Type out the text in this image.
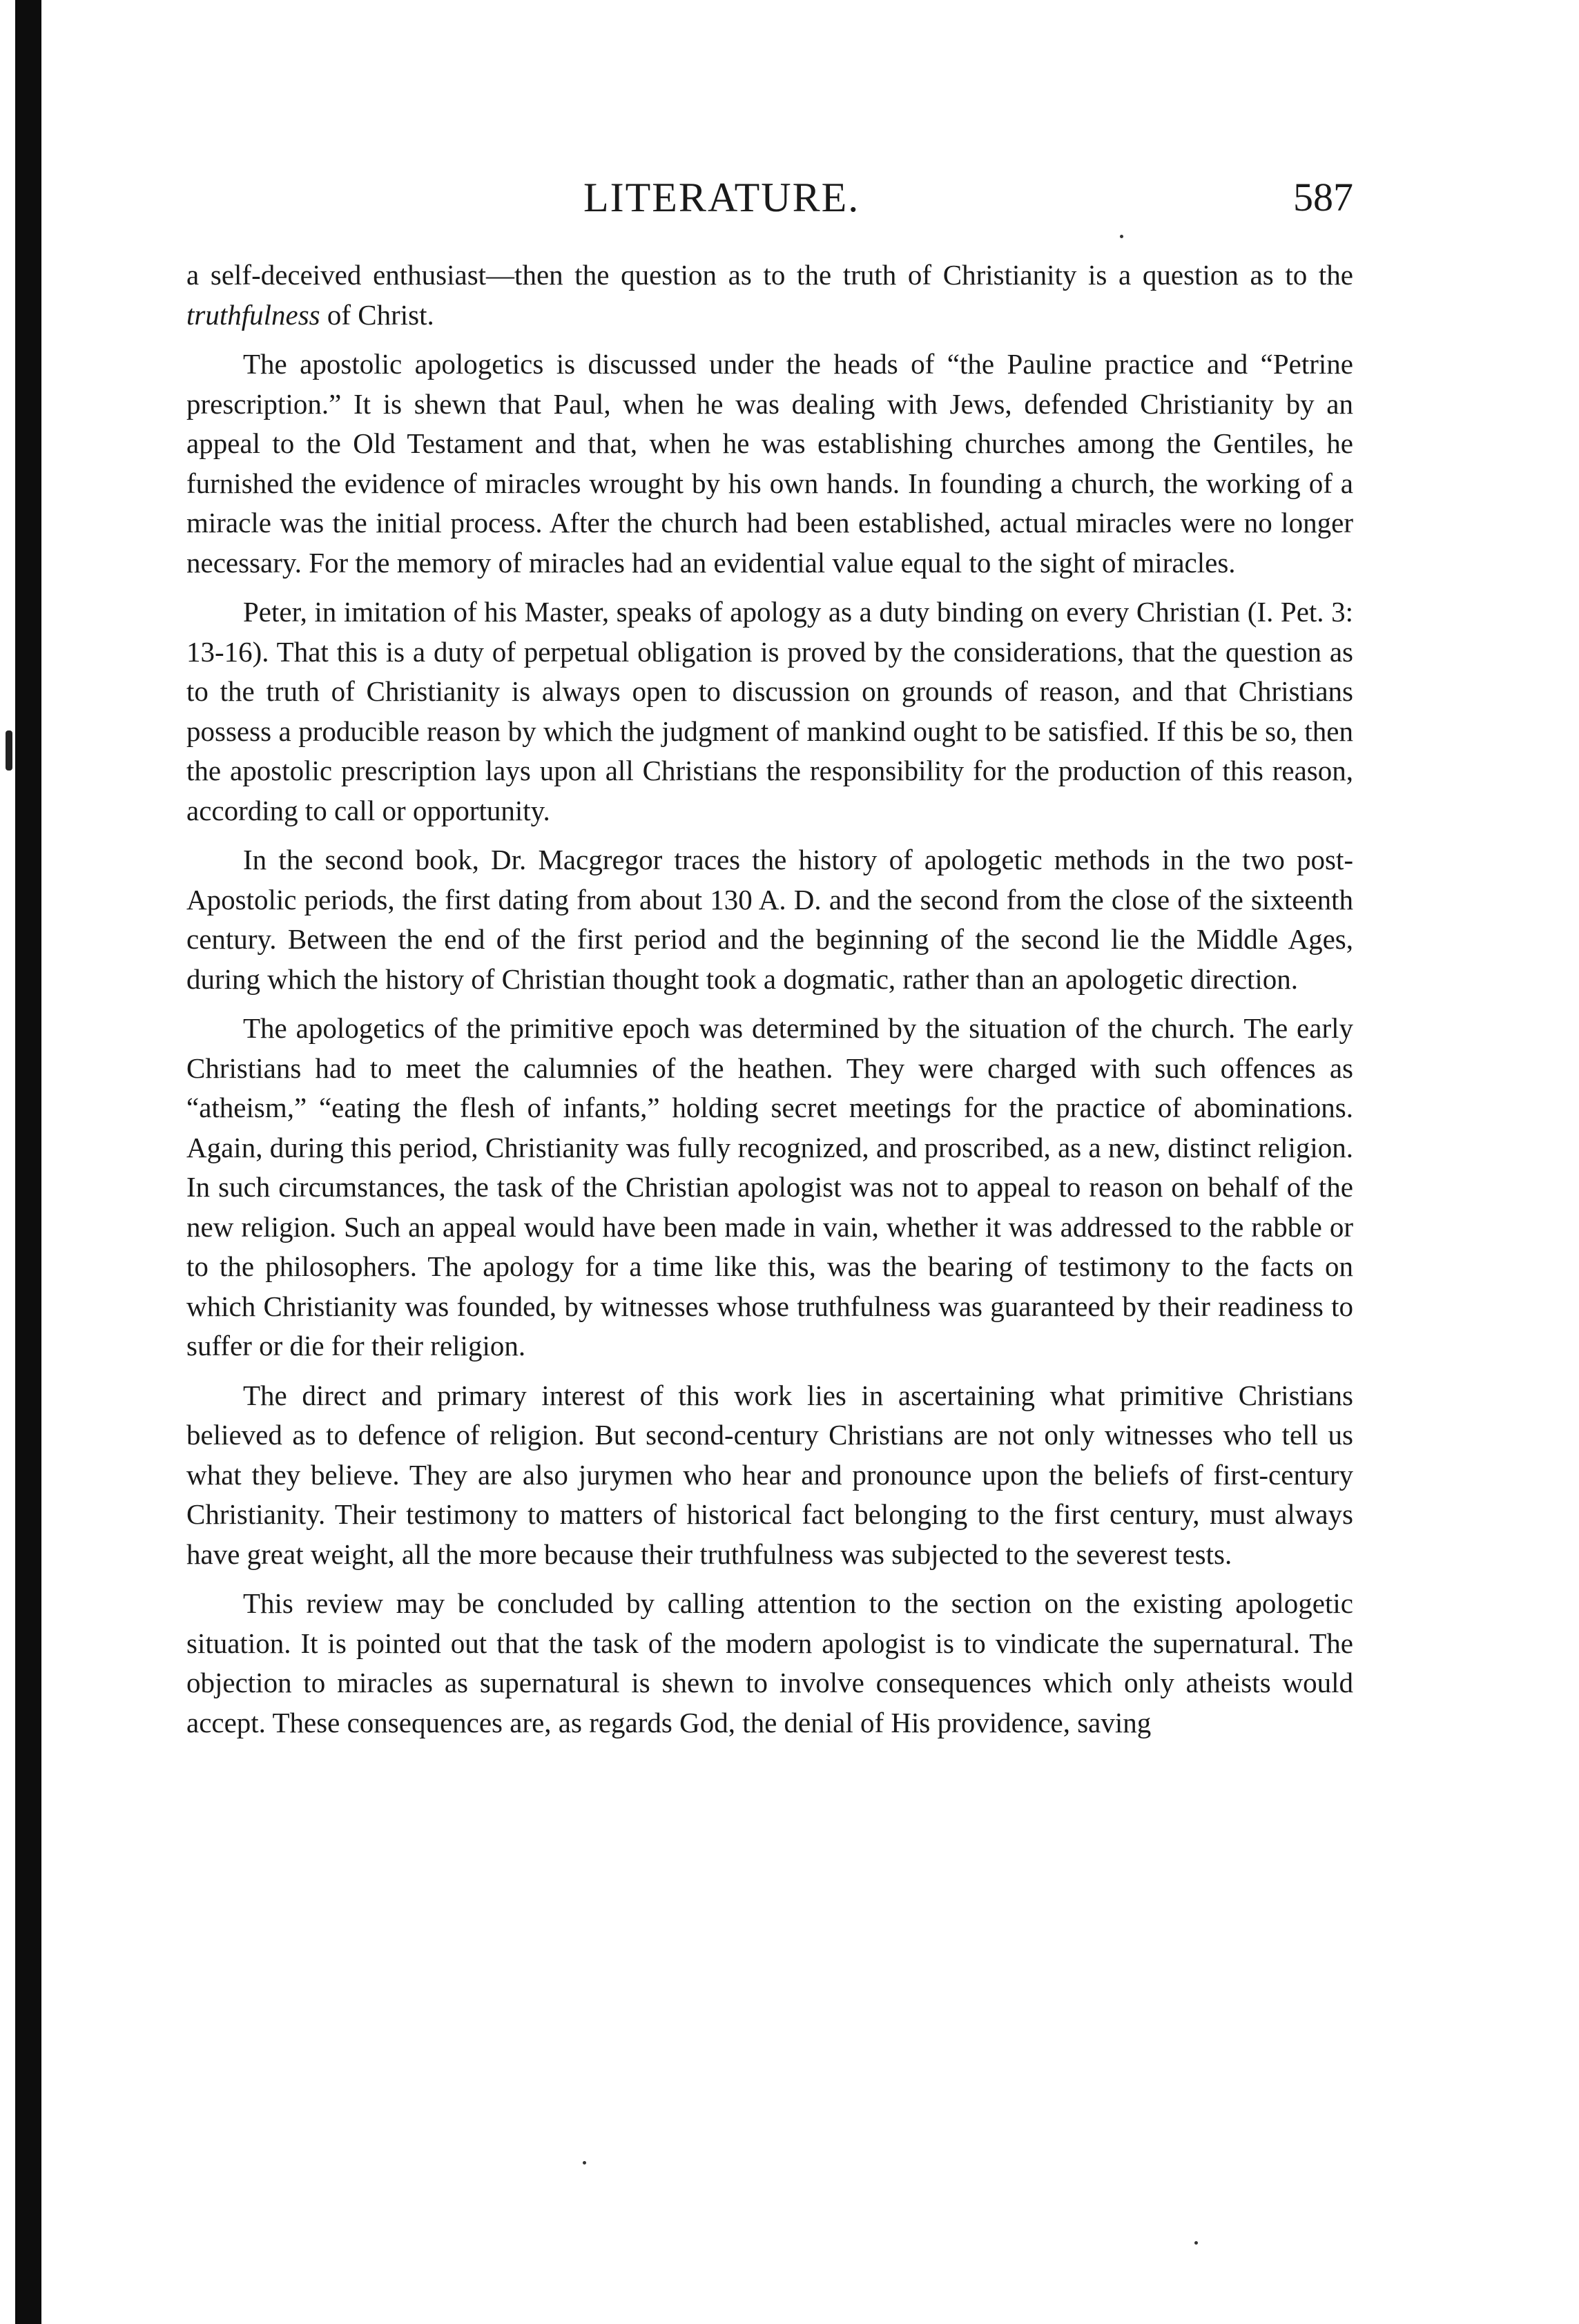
LITERATURE.	587

a self-deceived enthusiast—then the question as to the truth of Christianity is a question as to the truthfulness of Christ.

The apostolic apologetics is discussed under the heads of “the Pauline practice and “Petrine prescription.” It is shewn that Paul, when he was dealing with Jews, defended Christianity by an appeal to the Old Testament and that, when he was establishing churches among the Gentiles, he furnished the evidence of miracles wrought by his own hands. In founding a church, the working of a miracle was the initial process. After the church had been established, actual miracles were no longer necessary. For the memory of miracles had an evidential value equal to the sight of miracles.

Peter, in imitation of his Master, speaks of apology as a duty binding on every Christian (I. Pet. 3: 13-16). That this is a duty of perpetual obligation is proved by the considerations, that the question as to the truth of Christianity is always open to discussion on grounds of reason, and that Christians possess a producible reason by which the judgment of mankind ought to be satisfied. If this be so, then the apostolic prescription lays upon all Christians the responsibility for the production of this reason, according to call or opportunity.

In the second book, Dr. Macgregor traces the history of apologetic methods in the two post-Apostolic periods, the first dating from about 130 A. D. and the second from the close of the sixteenth century. Between the end of the first period and the beginning of the second lie the Middle Ages, during which the history of Christian thought took a dogmatic, rather than an apologetic direction.

The apologetics of the primitive epoch was determined by the situation of the church. The early Christians had to meet the calumnies of the heathen. They were charged with such offences as “atheism,” “eating the flesh of infants,” holding secret meetings for the practice of abominations. Again, during this period, Christianity was fully recognized, and proscribed, as a new, distinct religion. In such circumstances, the task of the Christian apologist was not to appeal to reason on behalf of the new religion. Such an appeal would have been made in vain, whether it was addressed to the rabble or to the philosophers. The apology for a time like this, was the bearing of testimony to the facts on which Christianity was founded, by witnesses whose truthfulness was guaranteed by their readiness to suffer or die for their religion.

The direct and primary interest of this work lies in ascertaining what primitive Christians believed as to defence of religion. But second-century Christians are not only witnesses who tell us what they believe. They are also jurymen who hear and pronounce upon the beliefs of first-century Christianity. Their testimony to matters of historical fact belonging to the first century, must always have great weight, all the more because their truthfulness was subjected to the severest tests.

This review may be concluded by calling attention to the section on the existing apologetic situation. It is pointed out that the task of the modern apologist is to vindicate the supernatural. The objection to miracles as supernatural is shewn to involve consequences which only atheists would accept. These consequences are, as regards God, the denial of His providence, saving
